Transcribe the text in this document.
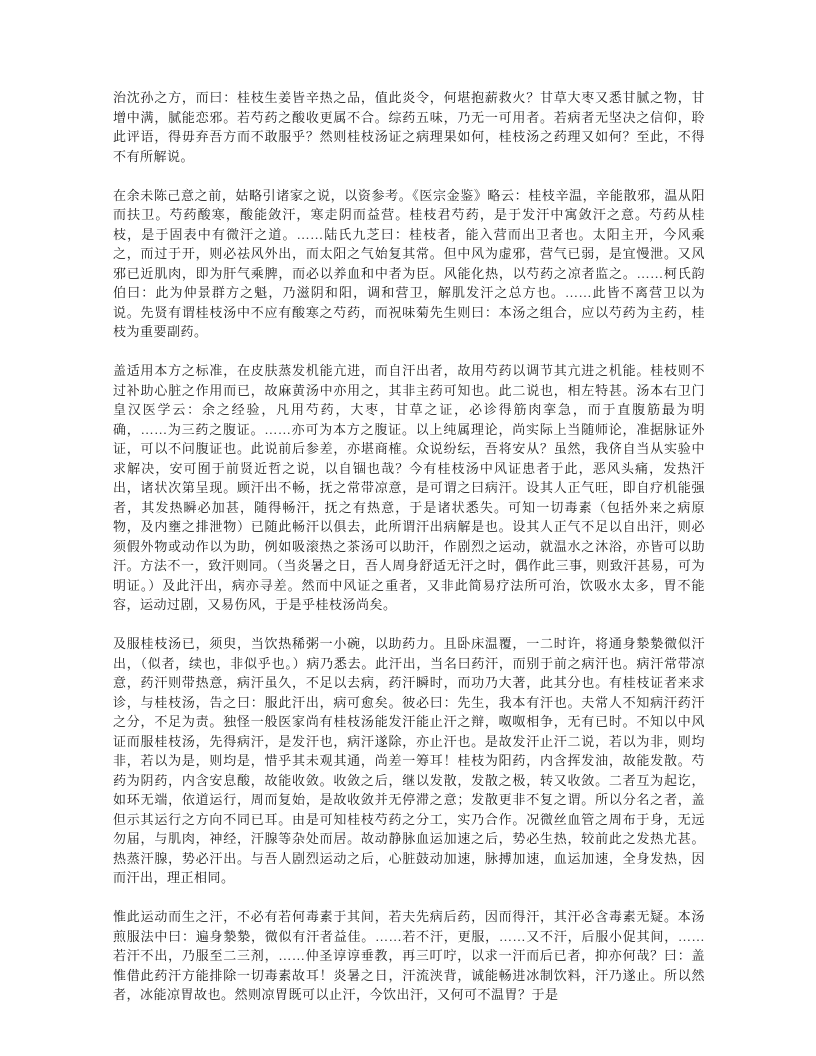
治沈孙之方，而曰：桂枝生姜皆辛热之品，值此炎令，何堪抱薪救火？甘草大枣又悉甘腻之物，甘增中满，腻能恋邪。若芍药之酸收更属不合。综药五味，乃无一可用者。若病者无坚决之信仰，聆此评语，得毋弃吾方而不敢服乎？然则桂枝汤证之病理果如何，桂枝汤之药理又如何？至此，不得不有所解说。

在余未陈己意之前，姑略引诸家之说，以资参考。《医宗金鉴》略云：桂枝辛温，辛能散邪，温从阳而扶卫。芍药酸寒，酸能敛汗，寒走阴而益营。桂枝君芍药，是于发汗中寓敛汗之意。芍药从桂枝，是于固表中有微汗之道。……陆氏九芝曰：桂枝者，能入营而出卫者也。太阳主开，今风乘之，而过于开，则必祛风外出，而太阳之气始复其常。但中风为虚邪，营气已弱，是宜慢泄。又风邪已近肌肉，即为肝气乘脾，而必以养血和中者为臣。风能化热，以芍药之凉者监之。……柯氏韵伯曰：此为仲景群方之魁，乃滋阴和阳，调和营卫，解肌发汗之总方也。……此皆不离营卫以为说。先贤有谓桂枝汤中不应有酸寒之芍药，而祝味菊先生则曰：本汤之组合，应以芍药为主药，桂枝为重要副药。

盖适用本方之标准，在皮肤蒸发机能亢进，而自汗出者，故用芍药以调节其亢进之机能。桂枝则不过补助心脏之作用而已，故麻黄汤中亦用之，其非主药可知也。此二说也，相左特甚。汤本右卫门皇汉医学云：余之经验，凡用芍药，大枣，甘草之证，必诊得筋肉挛急，而于直腹筋最为明确，……为三药之腹证。……亦可为本方之腹证。以上纯属理论，尚实际上当随师论，准据脉证外证，可以不问腹证也。此说前后参差，亦堪商榷。众说纷纭，吾将安从？虽然，我侪自当从实验中求解决，安可囿于前贤近哲之说，以自锢也哉？今有桂枝汤中风证患者于此，恶风头痛，发热汗出，诸状次第呈现。顾汗出不畅，抚之常带凉意，是可谓之曰病汗。设其人正气旺，即自疗机能强者，其发热瞬必加甚，随得畅汗，抚之有热意，于是诸状悉失。可知一切毒素（包括外来之病原物，及内壅之排泄物）已随此畅汗以俱去，此所谓汗出病解是也。设其人正气不足以自出汗，则必须假外物或动作以为助，例如吸滚热之茶汤可以助汗，作剧烈之运动，就温水之沐浴，亦皆可以助汗。方法不一，致汗则同。（当炎暑之日，吾人周身舒适无汗之时，偶作此三事，则致汗甚易，可为明证。）及此汗出，病亦寻差。然而中风证之重者，又非此简易疗法所可治，饮吸水太多，胃不能容，运动过剧，又易伤风，于是乎桂枝汤尚矣。

及服桂枝汤已，须臾，当饮热稀粥一小碗，以助药力。且卧床温覆，一二时许，将通身漐漐微似汗出，（似者，续也，非似乎也。）病乃悉去。此汗出，当名曰药汗，而别于前之病汗也。病汗常带凉意，药汗则带热意，病汗虽久，不足以去病，药汗瞬时，而功乃大著，此其分也。有桂枝证者来求诊，与桂枝汤，告之曰：服此汗出，病可愈矣。彼必曰：先生，我本有汗也。夫常人不知病汗药汗之分，不足为责。独怪一般医家尚有桂枝汤能发汗能止汗之辩，呶呶相争，无有已时。不知以中风证而服桂枝汤，先得病汗，是发汗也，病汗遂除，亦止汗也。是故发汗止汗二说，若以为非，则均非，若以为是，则均是，惜乎其未观其通，尚差一筹耳！桂枝为阳药，内含挥发油，故能发散。芍药为阴药，内含安息酸，故能收敛。收敛之后，继以发散，发散之极，转又收敛。二者互为起讫，如环无端，依道运行，周而复始，是故收敛并无停滞之意；发散更非不复之谓。所以分名之者，盖但示其运行之方向不同已耳。由是可知桂枝芍药之分工，实乃合作。况微丝血管之周布于身，无远勿届，与肌肉，神经，汗腺等杂处而居。故动静脉血运加速之后，势必生热，较前此之发热尤甚。热蒸汗腺，势必汗出。与吾人剧烈运动之后，心脏鼓动加速，脉搏加速，血运加速，全身发热，因而汗出，理正相同。

惟此运动而生之汗，不必有若何毒素于其间，若夫先病后药，因而得汗，其汗必含毒素无疑。本汤煎服法中曰：遍身漐漐，微似有汗者益佳。……若不汗，更服，……又不汗，后服小促其间，……若汗不出，乃服至二三剂，……仲圣谆谆垂教，再三叮咛，以求一汗而后已者，抑亦何哉？曰：盖惟借此药汗方能排除一切毒素故耳！炎暑之日，汗流浃背，诚能畅进冰制饮料，汗乃遂止。所以然者，冰能凉胃故也。然则凉胃既可以止汗，今饮出汗，又何可不温胃？于是
